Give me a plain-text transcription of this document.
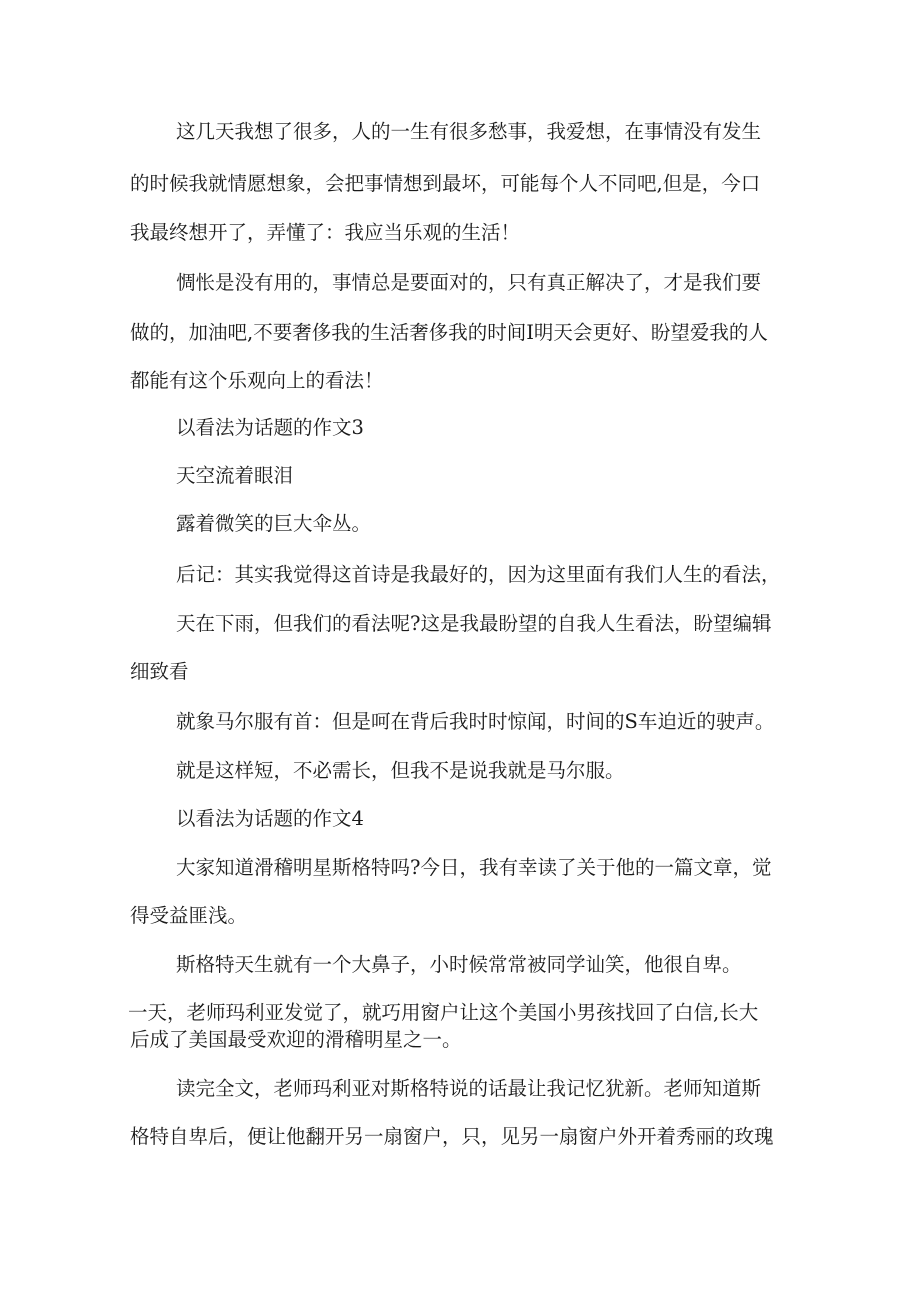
这几天我想了很多，人的一生有很多愁事，我爱想，在事情没有发生
的时候我就情愿想象，会把事情想到最坏，可能每个人不同吧,但是，今口
我最终想开了，弄懂了：我应当乐观的生活！
惆怅是没有用的，事情总是要面对的，只有真正解决了，才是我们要
做的，加油吧,不要奢侈我的生活奢侈我的时间I明天会更好、盼望爱我的人
都能有这个乐观向上的看法！
以看法为话题的作文3
天空流着眼泪
露着微笑的巨大伞丛。
后记：其实我觉得这首诗是我最好的，因为这里面有我们人生的看法，
天在下雨，但我们的看法呢?这是我最盼望的自我人生看法，盼望编辑
细致看
就象马尔服有首：但是呵在背后我时时惊闻，时间的S车迫近的驶声。
就是这样短，不必需长，但我不是说我就是马尔服。
以看法为话题的作文4
大家知道滑稽明星斯格特吗?今日，我有幸读了关于他的一篇文章，觉
得受益匪浅。
斯格特天生就有一个大鼻子，小时候常常被同学讪笑，他很自卑。
一天，老师玛利亚发觉了，就巧用窗户让这个美国小男孩找回了白信,长大
后成了美国最受欢迎的滑稽明星之一。
读完全文，老师玛利亚对斯格特说的话最让我记忆犹新。老师知道斯
格特自卑后，便让他翻开另一扇窗户，只，见另一扇窗户外开着秀丽的玫瑰
